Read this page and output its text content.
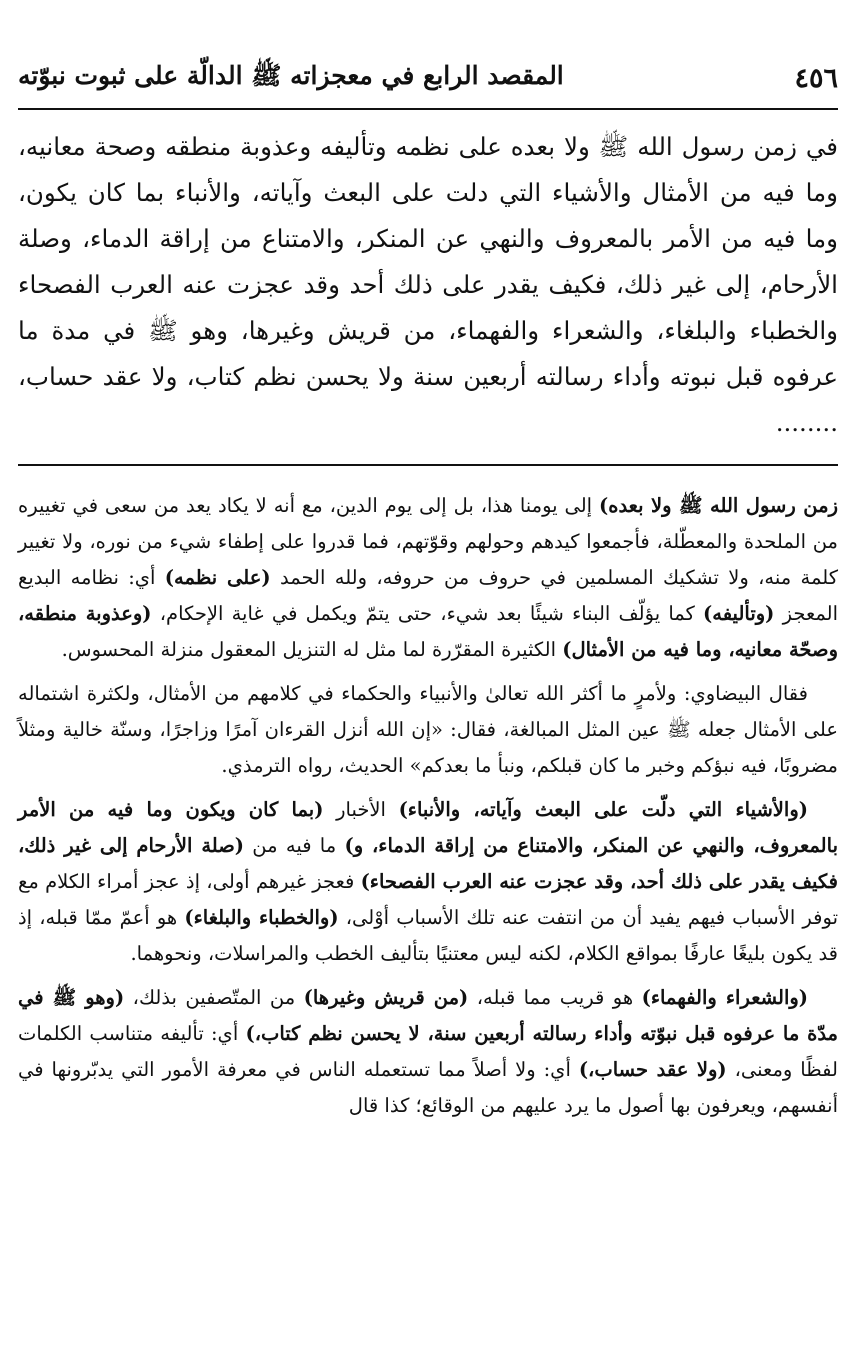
٤٥٦
المقصد الرابع في معجزاته ﷺ الدالّة على ثبوت نبوّته

في زمن رسول الله ﷺ ولا بعده على نظمه وتأليفه وعذوبة منطقه وصحة معانيه، وما فيه من الأمثال والأشياء التي دلت على البعث وآياته، والأنباء بما كان يكون، وما فيه من الأمر بالمعروف والنهي عن المنكر، والامتناع من إراقة الدماء، وصلة الأرحام، إلى غير ذلك، فكيف يقدر على ذلك أحد وقد عجزت عنه العرب الفصحاء والخطباء والبلغاء، والشعراء والفهماء، من قريش وغيرها، وهو ﷺ في مدة ما عرفوه قبل نبوته وأداء رسالته أربعين سنة ولا يحسن نظم كتاب، ولا عقد حساب، ........

زمن رسول الله ﷺ ولا بعده) إلى يومنا هذا، بل إلى يوم الدين، مع أنه لا يكاد يعد من سعى في تغييره من الملحدة والمعطّلة، فأجمعوا كيدهم وحولهم وقوّتهم، فما قدروا على إطفاء شيء من نوره، ولا تغيير كلمة منه، ولا تشكيك المسلمين في حروف من حروفه، ولله الحمد (على نظمه) أي: نظامه البديع المعجز (وتأليفه) كما يؤلّف البناء شيئًا بعد شيء، حتى يتمّ ويكمل في غاية الإحكام، (وعذوبة منطقه، وصحّة معانيه، وما فيه من الأمثال) الكثيرة المقرّرة لما مثل له التنزيل المعقول منزلة المحسوس.

فقال البيضاوي: ولأمرٍ ما أكثر الله تعالىٰ والأنبياء والحكماء في كلامهم من الأمثال، ولكثرة اشتماله على الأمثال جعله ﷺ عين المثل المبالغة، فقال: «إن الله أنزل القرءان آمرًا وزاجرًا، وسنّة خالية ومثلاً مضروبًا، فيه نبؤكم وخبر ما كان قبلكم، ونبأ ما بعدكم» الحديث، رواه الترمذي.

(والأشياء التي دلّت على البعث وآياته، والأنباء) الأخبار (بما كان ويكون وما فيه من الأمر بالمعروف، والنهي عن المنكر، والامتناع من إراقة الدماء، و) ما فيه من (صلة الأرحام إلى غير ذلك، فكيف يقدر على ذلك أحد، وقد عجزت عنه العرب الفصحاء) فعجز غيرهم أولى، إذ عجز أمراء الكلام مع توفر الأسباب فيهم يفيد أن من انتفت عنه تلك الأسباب أوْلى، (والخطباء والبلغاء) هو أعمّ ممّا قبله، إذ قد يكون بليغًا عارفًا بمواقع الكلام، لكنه ليس معتنيًا بتأليف الخطب والمراسلات، ونحوهما.

(والشعراء والفهماء) هو قريب مما قبله، (من قريش وغيرها) من المتّصفين بذلك، (وهو ﷺ في مدّة ما عرفوه قبل نبوّته وأداء رسالته أربعين سنة، لا يحسن نظم كتاب،) أي: تأليفه متناسب الكلمات لفظًا ومعنى، (ولا عقد حساب،) أي: ولا أصلاً مما تستعمله الناس في معرفة الأمور التي يدبّرونها في أنفسهم، ويعرفون بها أصول ما يرد عليهم من الوقائع؛ كذا قال
